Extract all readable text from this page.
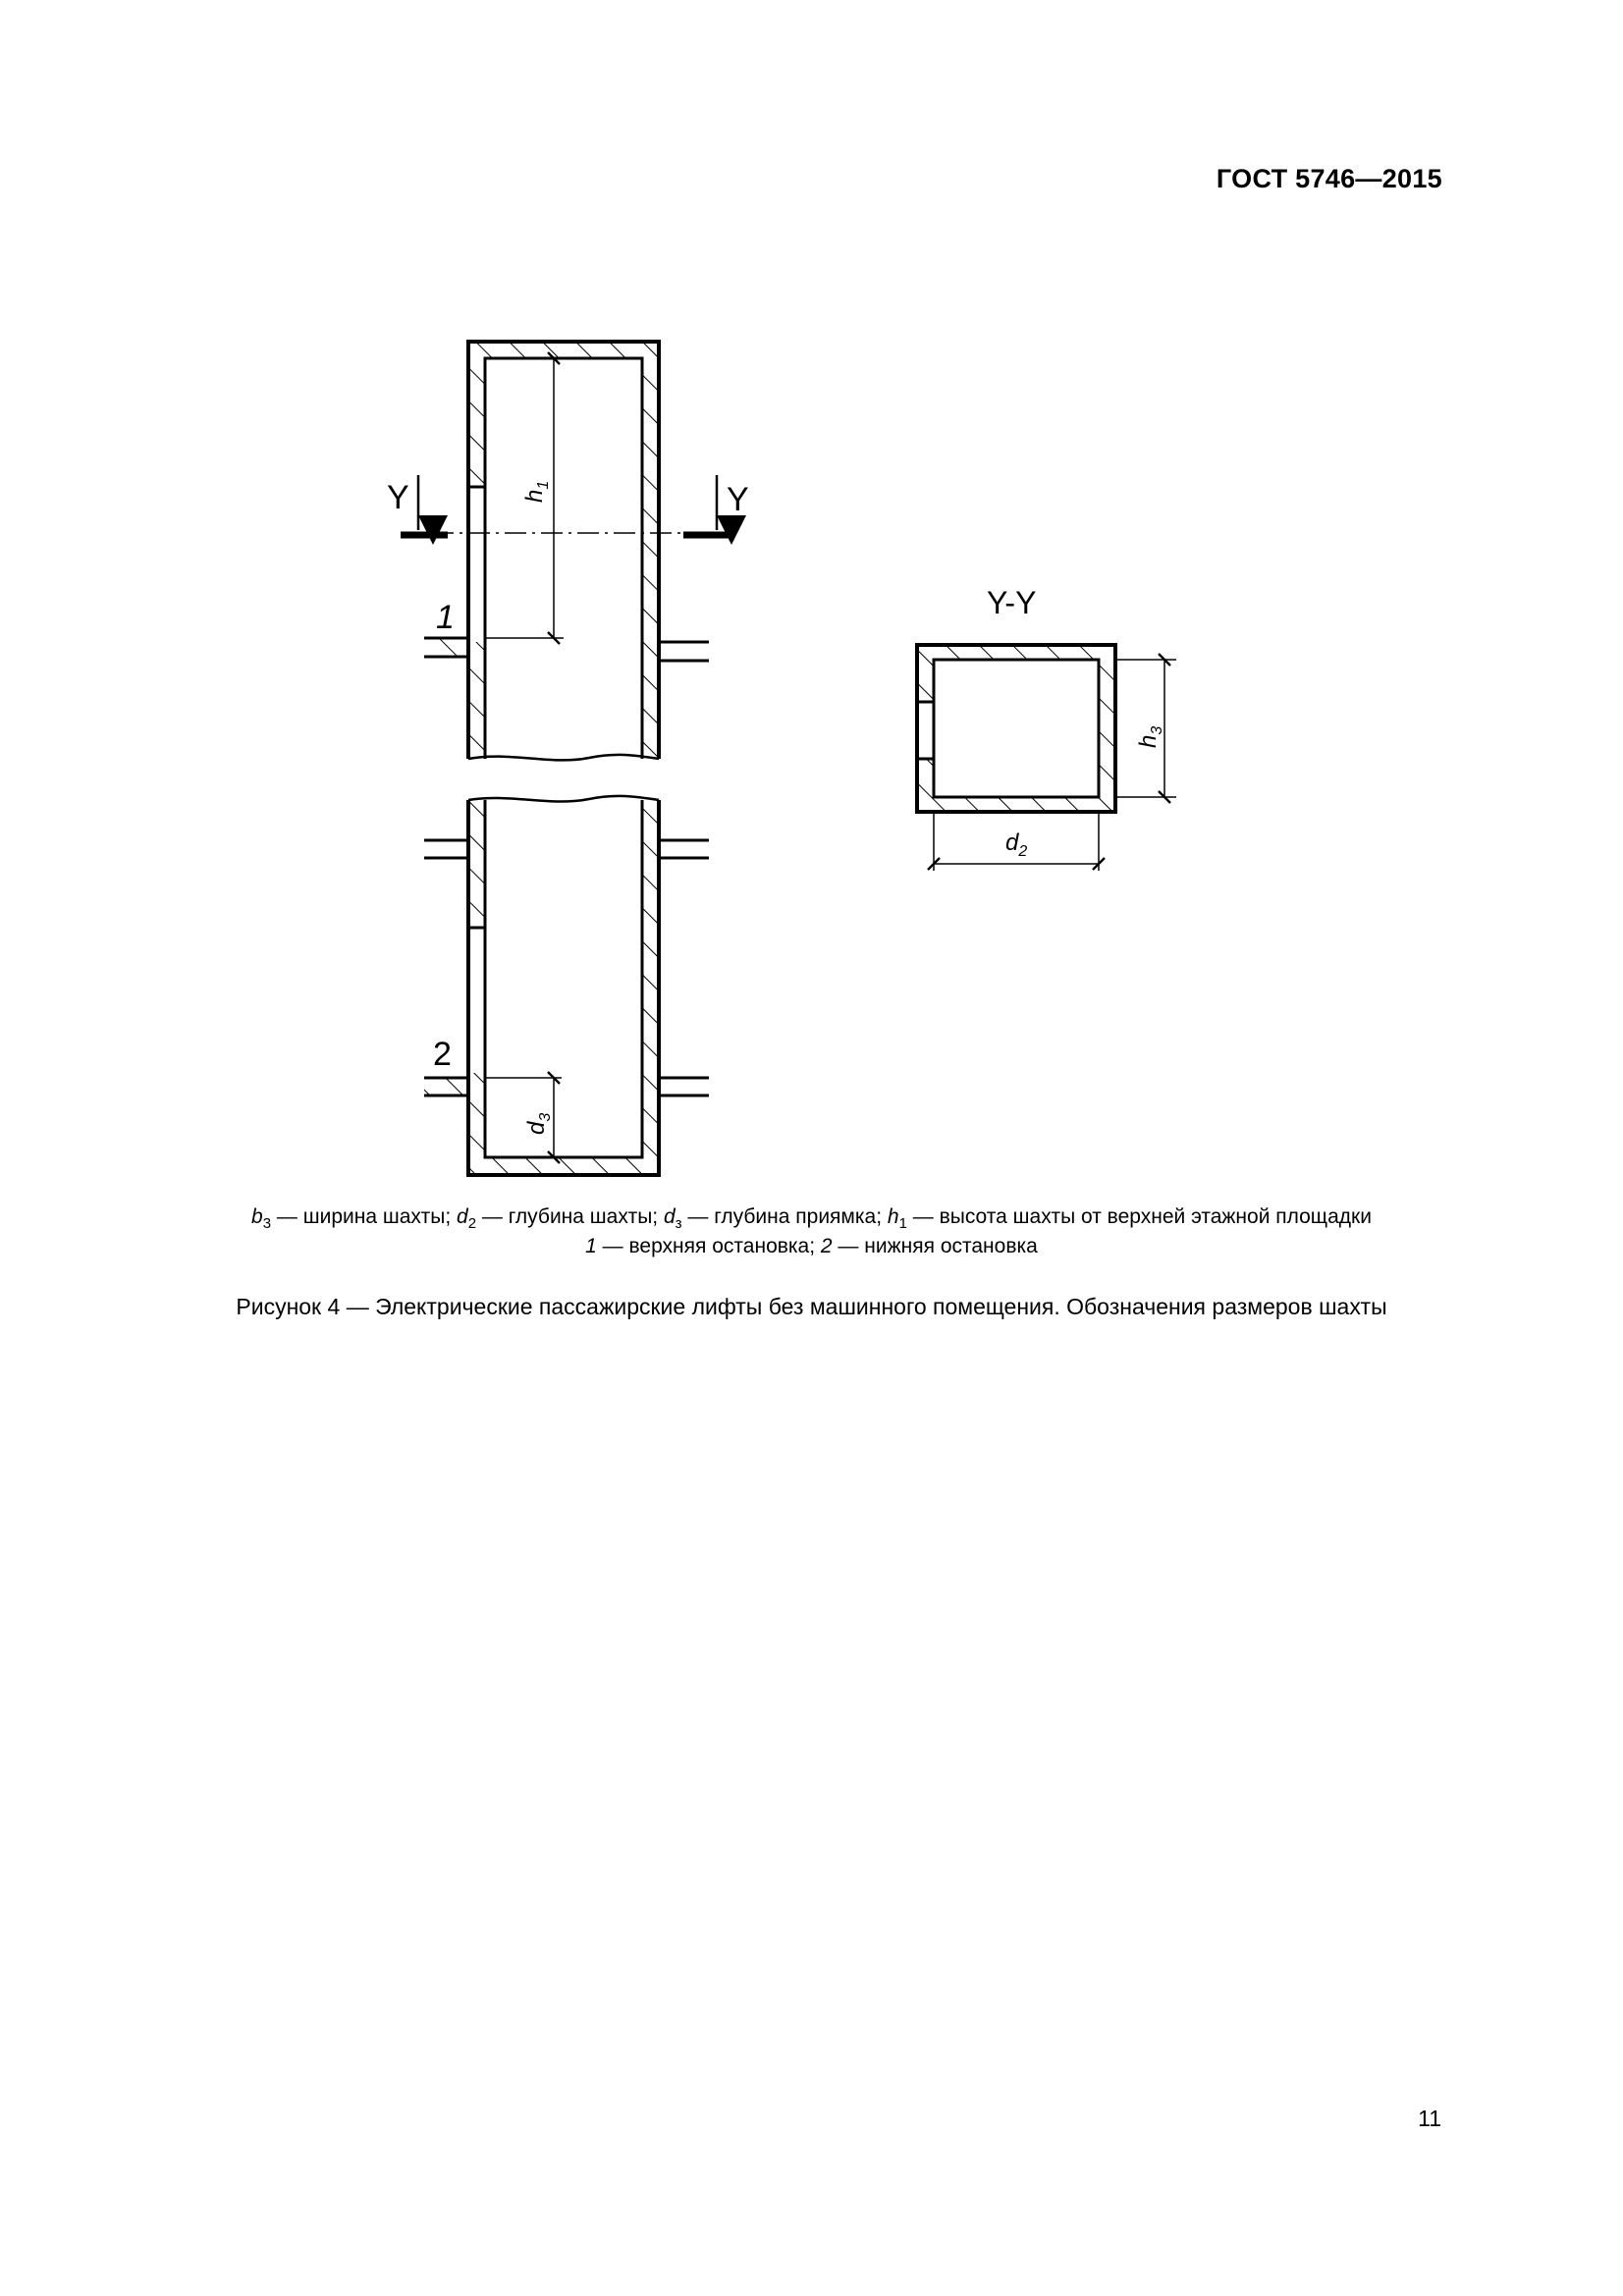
ГОСТ 5746—2015
Y	Y
1
$h_1$
2
$d_3$
Y-Y
$h_3$
$d_2$
$b_3$ — ширина шахты; $d_2$ — глубина шахты; $d_з$ — глубина приямка; $h_1$ — высота шахты от верхней этажной площадки
1 — верхняя остановка; 2 — нижняя остановка
Рисунок 4 — Электрические пассажирские лифты без машинного помещения. Обозначения размеров шахты
11
